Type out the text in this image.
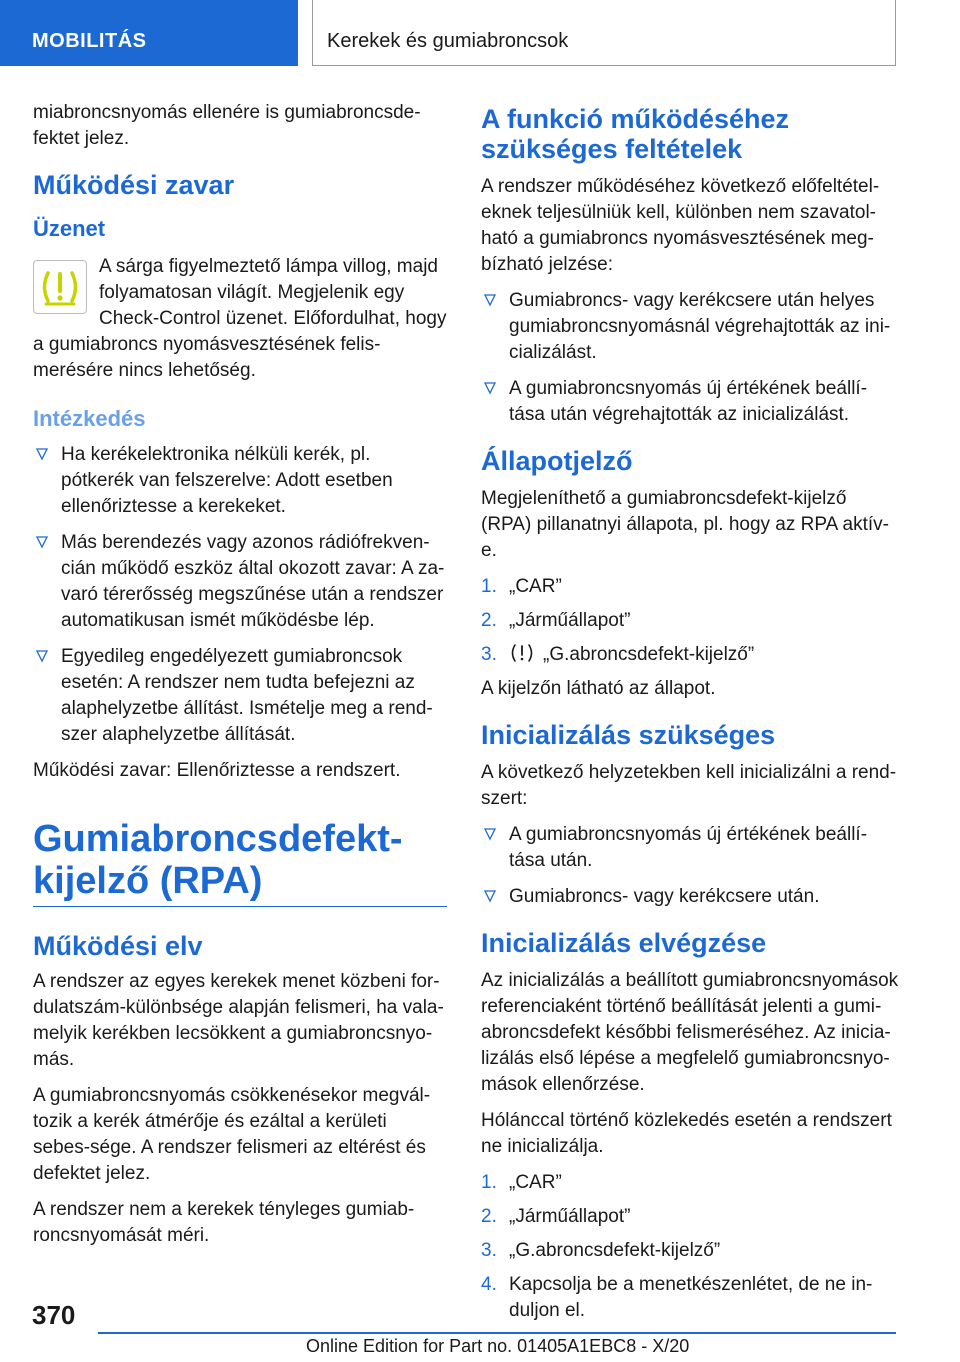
MOBILITÁS	Kerekek és gumiabroncsok

miabroncsnyomás ellenére is gumiabroncsde-fektet jelez.

Működési zavar
Üzenet

A sárga figyelmeztető lámpa villog, majd folyamatosan világít. Megjelenik egy Check-Control üzenet. Előfordulhat, hogy a gumiabroncs nyomásvesztésének felis-merésére nincs lehetőség.

Intézkedés
Ha kerékelektronika nélküli kerék, pl. pótkerék van felszerelve: Adott esetben ellenőriztesse a kerekeket.
Más berendezés vagy azonos rádiófrekven-cián működő eszköz által okozott zavar: A za-varó térerősség megszűnése után a rendszer automatikusan ismét működésbe lép.
Egyedileg engedélyezett gumiabroncsok esetén: A rendszer nem tudta befejezni az alaphelyzetbe állítást. Ismételje meg a rend-szer alaphelyzetbe állítását.

Működési zavar: Ellenőriztesse a rendszert.

Gumiabroncsdefekt-kijelző (RPA)
Működési elv

A rendszer az egyes kerekek menet közbeni for-dulatszám-különbsége alapján felismeri, ha vala-melyik kerékben lecsökkent a gumiabroncsnyo-más.

A gumiabroncsnyomás csökkenésekor megvál-tozik a kerék átmérője és ezáltal a kerületi sebes-sége. A rendszer felismeri az eltérést és defektet jelez.

A rendszer nem a kerekek tényleges gumiab-roncsnyomását méri.

A funkció működéséhez szükséges feltételek

A rendszer működéséhez következő előfeltétel-eknek teljesülniük kell, különben nem szavatol-ható a gumiabroncs nyomásvesztésének meg-bízható jelzése:

Gumiabroncs- vagy kerékcsere után helyes gumiabroncsnyomásnál végrehajtották az ini-cializálást.
A gumiabroncsnyomás új értékének beállí-tása után végrehajtották az inicializálást.
Állapotjelző

Megjeleníthető a gumiabroncsdefekt-kijelző (RPA) pillanatnyi állapota, pl. hogy az RPA aktív-e.

1. „CAR”
2. „Járműállapot”
3. „G.abroncsdefekt-kijelző”

A kijelzőn látható az állapot.

Inicializálás szükséges

A következő helyzetekben kell inicializálni a rend-szert:

A gumiabroncsnyomás új értékének beállí-tása után.
Gumiabroncs- vagy kerékcsere után.
Inicializálás elvégzése

Az inicializálás a beállított gumiabroncsnyomások referenciaként történő beállítását jelenti a gumi-abroncsdefekt későbbi felismeréséhez. Az inicia-lizálás első lépése a megfelelő gumiabroncsnyo-mások ellenőrzése.

Hólánccal történő közlekedés esetén a rendszert ne inicializálja.

1. „CAR”
2. „Járműállapot”
3. „G.abroncsdefekt-kijelző”
4. Kapcsolja be a menetkészenlétet, de ne in-duljon el.
370
Online Edition for Part no. 01405A1EBC8 - X/20
